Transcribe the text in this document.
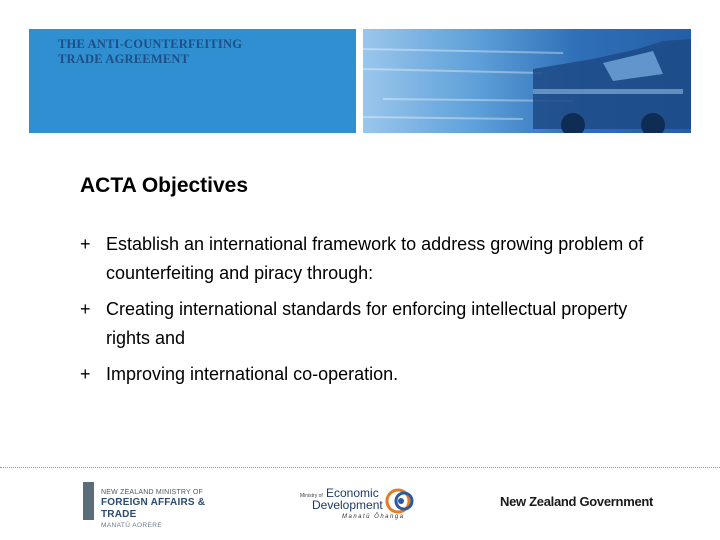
THE ANTI-COUNTERFEITING
TRADE AGREEMENT
ACTA Objectives
+ Establish an international framework to address growing problem of counterfeiting and piracy through:
+ Creating international standards for enforcing intellectual property rights and
+ Improving international co-operation.
NEW ZEALAND MINISTRY OF
FOREIGN AFFAIRS & TRADE
MANATŪ AORERE
Ministry of Economic
Development
Manatū Ōhanga
New Zealand Government
